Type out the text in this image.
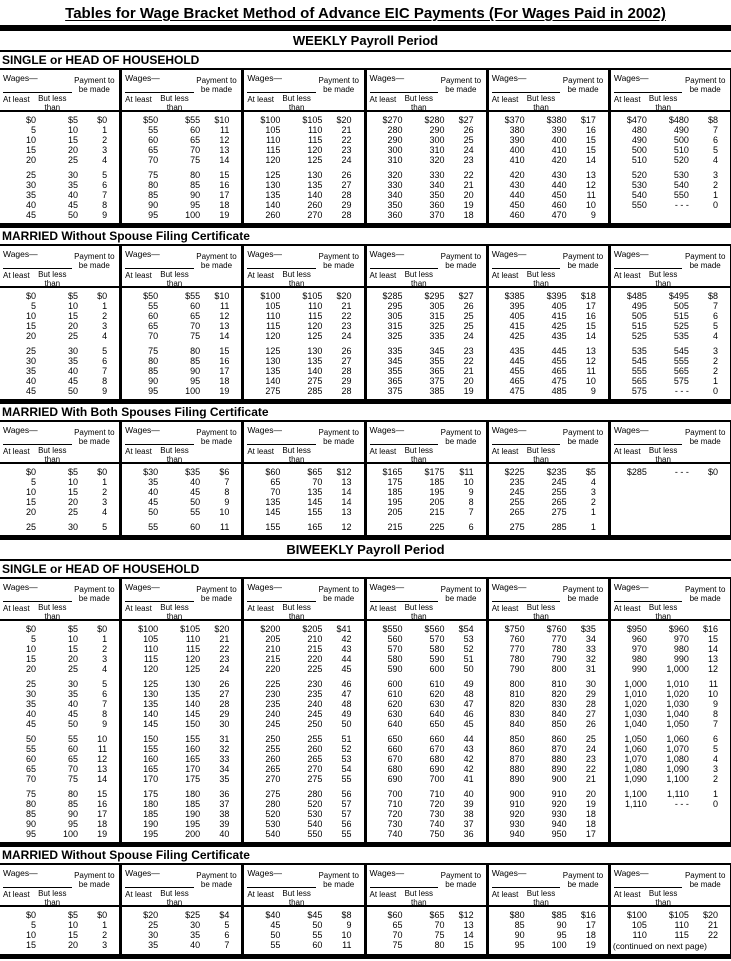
Tables for Wage Bracket Method of Advance EIC Payments (For Wages Paid in 2002)
WEEKLY Payroll Period
SINGLE or HEAD OF HOUSEHOLD
Wages—
At least	But less than
Payment to be made
$0	$5	$0
5	10	1
10	15	2
15	20	3
20	25	4
25	30	5
30	35	6
35	40	7
40	45	8
45	50	9
Wages—
At least	But less than
Payment to be made
$50	$55	$10
55	60	11
60	65	12
65	70	13
70	75	14
75	80	15
80	85	16
85	90	17
90	95	18
95	100	19
Wages—
At least	But less than
Payment to be made
$100	$105	$20
105	110	21
110	115	22
115	120	23
120	125	24
125	130	26
130	135	27
135	140	28
140	260	29
260	270	28
Wages—
At least	But less than
Payment to be made
$270	$280	$27
280	290	26
290	300	25
300	310	24
310	320	23
320	330	22
330	340	21
340	350	20
350	360	19
360	370	18
Wages—
At least	But less than
Payment to be made
$370	$380	$17
380	390	16
390	400	15
400	410	15
410	420	14
420	430	13
430	440	12
440	450	11
450	460	10
460	470	9
Wages—
At least	But less than
Payment to be made
$470	$480	$8
480	490	7
490	500	6
500	510	5
510	520	4
520	530	3
530	540	2
540	550	1
550	- - -	0
MARRIED Without Spouse Filing Certificate
Wages—
At least	But less than
Payment to be made
$0	$5	$0
5	10	1
10	15	2
15	20	3
20	25	4
25	30	5
30	35	6
35	40	7
40	45	8
45	50	9
Wages—
At least	But less than
Payment to be made
$50	$55	$10
55	60	11
60	65	12
65	70	13
70	75	14
75	80	15
80	85	16
85	90	17
90	95	18
95	100	19
Wages—
At least	But less than
Payment to be made
$100	$105	$20
105	110	21
110	115	22
115	120	23
120	125	24
125	130	26
130	135	27
135	140	28
140	275	29
275	285	28
Wages—
At least	But less than
Payment to be made
$285	$295	$27
295	305	26
305	315	25
315	325	25
325	335	24
335	345	23
345	355	22
355	365	21
365	375	20
375	385	19
Wages—
At least	But less than
Payment to be made
$385	$395	$18
395	405	17
405	415	16
415	425	15
425	435	14
435	445	13
445	455	12
455	465	11
465	475	10
475	485	9
Wages—
At least	But less than
Payment to be made
$485	$495	$8
495	505	7
505	515	6
515	525	5
525	535	4
535	545	3
545	555	2
555	565	2
565	575	1
575	- - -	0
MARRIED With Both Spouses Filing Certificate
Wages—
At least	But less than
Payment to be made
$0	$5	$0
5	10	1
10	15	2
15	20	3
20	25	4
25	30	5
Wages—
At least	But less than
Payment to be made
$30	$35	$6
35	40	7
40	45	8
45	50	9
50	55	10
55	60	11
Wages—
At least	But less than
Payment to be made
$60	$65	$12
65	70	13
70	135	14
135	145	14
145	155	13
155	165	12
Wages—
At least	But less than
Payment to be made
$165	$175	$11
175	185	10
185	195	9
195	205	8
205	215	7
215	225	6
Wages—
At least	But less than
Payment to be made
$225	$235	$5
235	245	4
245	255	3
255	265	2
265	275	1
275	285	1
Wages—
At least	But less than
Payment to be made
$285	- - -	$0
BIWEEKLY Payroll Period
SINGLE or HEAD OF HOUSEHOLD
Wages—
At least	But less than
Payment to be made
$0	$5	$0
5	10	1
10	15	2
15	20	3
20	25	4
25	30	5
30	35	6
35	40	7
40	45	8
45	50	9
50	55	10
55	60	11
60	65	12
65	70	13
70	75	14
75	80	15
80	85	16
85	90	17
90	95	18
95	100	19
Wages—
At least	But less than
Payment to be made
$100	$105	$20
105	110	21
110	115	22
115	120	23
120	125	24
125	130	26
130	135	27
135	140	28
140	145	29
145	150	30
150	155	31
155	160	32
160	165	33
165	170	34
170	175	35
175	180	36
180	185	37
185	190	38
190	195	39
195	200	40
Wages—
At least	But less than
Payment to be made
$200	$205	$41
205	210	42
210	215	43
215	220	44
220	225	45
225	230	46
230	235	47
235	240	48
240	245	49
245	250	50
250	255	51
255	260	52
260	265	53
265	270	54
270	275	55
275	280	56
280	520	57
520	530	57
530	540	56
540	550	55
Wages—
At least	But less than
Payment to be made
$550	$560	$54
560	570	53
570	580	52
580	590	51
590	600	50
600	610	49
610	620	48
620	630	47
630	640	46
640	650	45
650	660	44
660	670	43
670	680	42
680	690	42
690	700	41
700	710	40
710	720	39
720	730	38
730	740	37
740	750	36
Wages—
At least	But less than
Payment to be made
$750	$760	$35
760	770	34
770	780	33
780	790	32
790	800	31
800	810	30
810	820	29
820	830	28
830	840	27
840	850	26
850	860	25
860	870	24
870	880	23
880	890	22
890	900	21
900	910	20
910	920	19
920	930	18
930	940	18
940	950	17
Wages—
At least	But less than
Payment to be made
$950	$960	$16
960	970	15
970	980	14
980	990	13
990	1,000	12
1,000	1,010	11
1,010	1,020	10
1,020	1,030	9
1,030	1,040	8
1,040	1,050	7
1,050	1,060	6
1,060	1,070	5
1,070	1,080	4
1,080	1,090	3
1,090	1,100	2
1,100	1,110	1
1,110	- - -	0
MARRIED Without Spouse Filing Certificate
Wages—
At least	But less than
Payment to be made
$0	$5	$0
5	10	1
10	15	2
15	20	3
Wages—
At least	But less than
Payment to be made
$20	$25	$4
25	30	5
30	35	6
35	40	7
Wages—
At least	But less than
Payment to be made
$40	$45	$8
45	50	9
50	55	10
55	60	11
Wages—
At least	But less than
Payment to be made
$60	$65	$12
65	70	13
70	75	14
75	80	15
Wages—
At least	But less than
Payment to be made
$80	$85	$16
85	90	17
90	95	18
95	100	19
Wages—
At least	But less than
Payment to be made
$100	$105	$20
105	110	21
110	115	22
(continued on next page)
